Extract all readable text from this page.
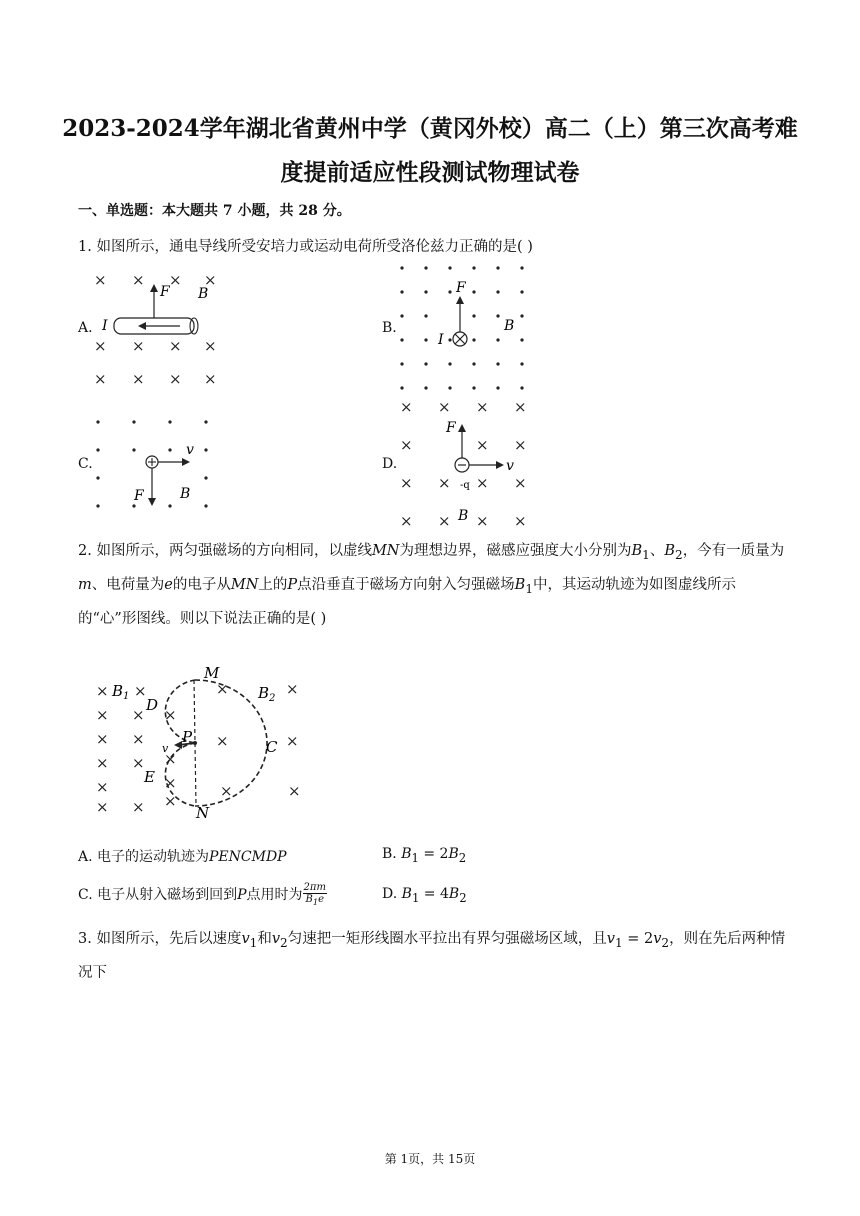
2023-2024学年湖北省黄州中学（黄冈外校）高二（上）第三次高考难
度提前适应性段测试物理试卷
一、单选题：本大题共 7 小题，共 28 分。
1. 如图所示，通电导线所受安培力或运动电荷所受洛伦兹力正确的是( )
A.
× × × ×
× × × ×
× × × ×
F B
I	B.
F
B
I
C.
v
F	B
D.
× × × ×
×	× ×
× × × ×
× × × ×
F
v
-q
B
2. 如图所示，两匀强磁场的方向相同，以虚线MN为理想边界，磁感应强度大小分别为$B_1$、$B_2$，今有一质量为m、电荷量为e的电子从MN上的P点沿垂直于磁场方向射入匀强磁场$B_1$中，其运动轨迹为如图虚线所示的“心”形图线。则以下说法正确的是( )
×
×
×
×
×
×
×
×
×
×
×
×
×
×
×
×
×
×
×
×
×
$B_1$	$B_2$
M
N
P
C
D
E
v
A. 电子的运动轨迹为PENCMDP	B. $B_1 = 2B_2$
C. 电子从射入磁场到回到P点用时为 $\frac{2\pi m}{B_1e}$	D. $B_1 = 4B_2$
3. 如图所示，先后以速度$v_1$和$v_2$匀速把一矩形线圈水平拉出有界匀强磁场区域，且$v_1 = 2v_2$，则在先后两种情况下
第 1页，共 15页
